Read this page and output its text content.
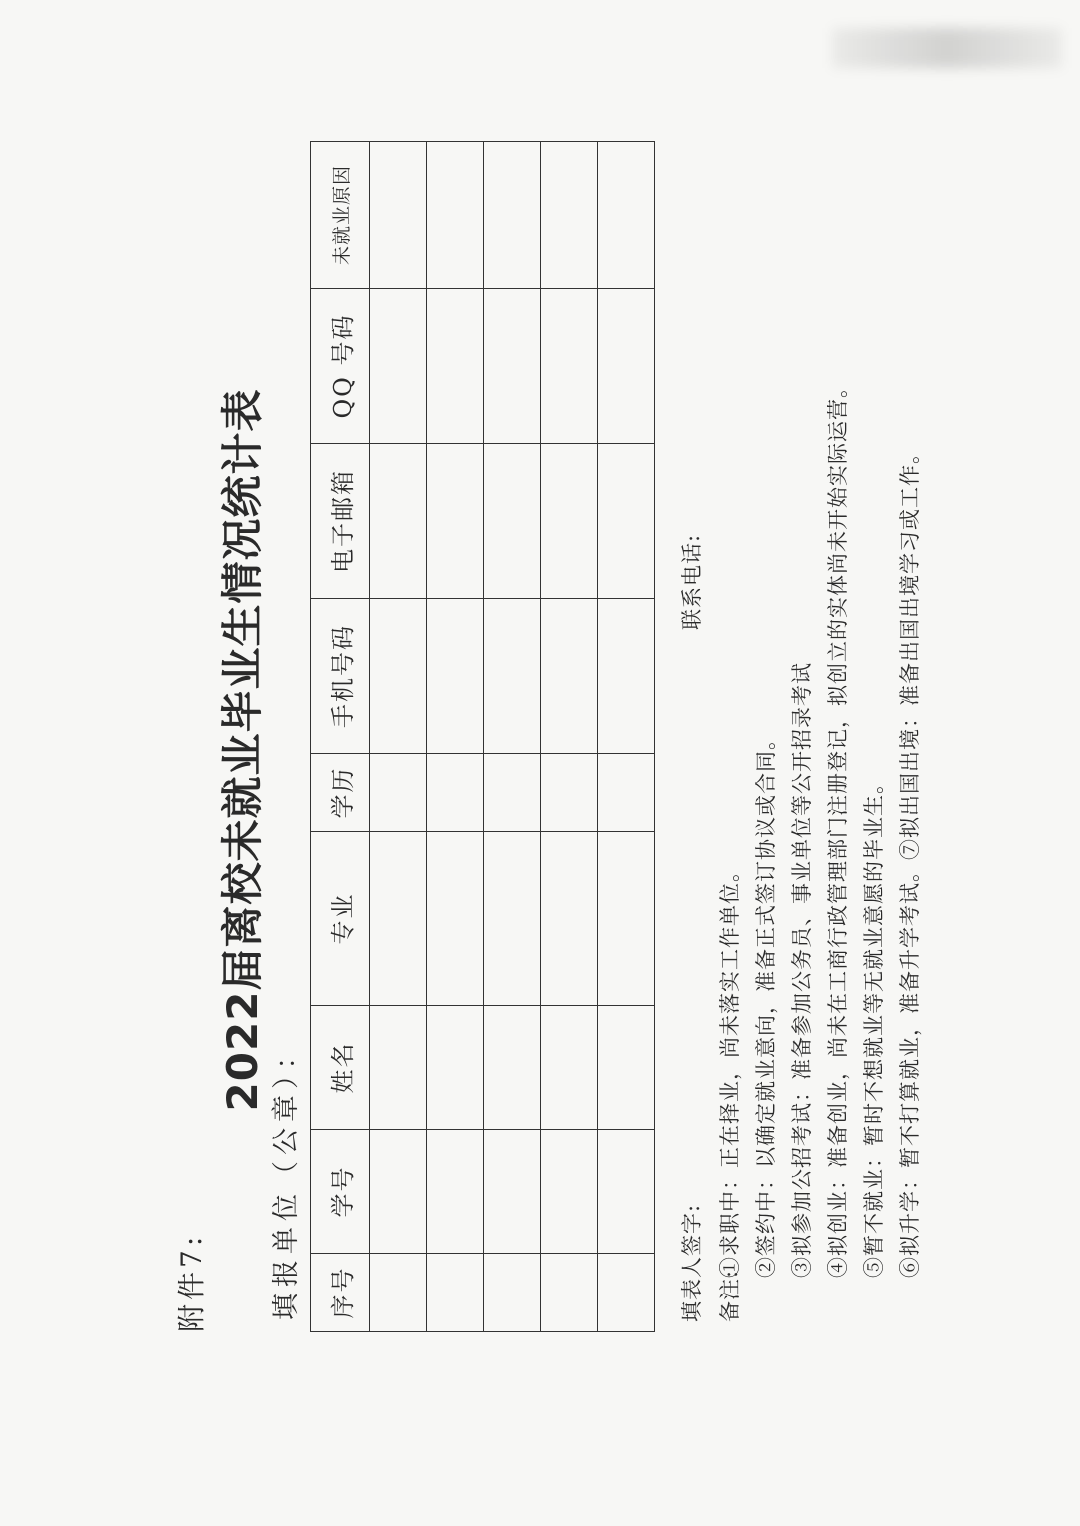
附件7:
2022届离校未就业毕业生情况统计表
填报单位（公章）： 序号	学号	姓名	专业	学历	手机号码	电子邮箱	QQ 号码	未就业原因

填表人签字:
联系电话:
备注:
①求职中：正在择业，尚未落实工作单位。 ②签约中：以确定就业意向，准备正式签订协议或合同。 ③拟参加公招考试：准备参加公务员、事业单位等公开招录考试 ④拟创业：准备创业，尚未在工商行政管理部门注册登记，拟创立的实体尚未开始实际运营。 ⑤暂不就业：暂时不想就业等无就业意愿的毕业生。 ⑥拟升学：暂不打算就业，准备升学考试。⑦拟出国出境：准备出国出境学习或工作。
